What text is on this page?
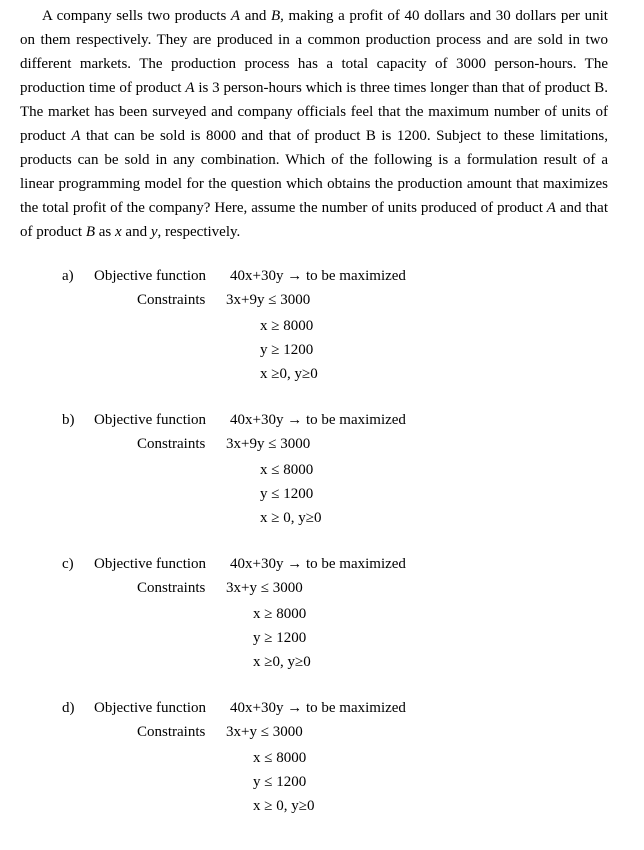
A company sells two products A and B, making a profit of 40 dollars and 30 dollars per unit on them respectively. They are produced in a common production process and are sold in two different markets. The production process has a total capacity of 3000 person-hours. The production time of product A is 3 person-hours which is three times longer than that of product B. The market has been surveyed and company officials feel that the maximum number of units of product A that can be sold is 8000 and that of product B is 1200. Subject to these limitations, products can be sold in any combination. Which of the following is a formulation result of a linear programming model for the question which obtains the production amount that maximizes the total profit of the company? Here, assume the number of units produced of product A and that of product B as x and y, respectively.
a) Objective function 40x+30y → to be maximized
Constraints 3x+9y ≤ 3000
x ≥ 8000
y ≥ 1200
x ≥0, y≥0
b) Objective function 40x+30y → to be maximized
Constraints 3x+9y ≤ 3000
x ≤ 8000
y ≤ 1200
x ≥ 0, y≥0
c) Objective function 40x+30y → to be maximized
Constraints 3x+y ≤ 3000
x ≥ 8000
y ≥ 1200
x ≥0, y≥0
d) Objective function 40x+30y → to be maximized
Constraints 3x+y ≤ 3000
x ≤ 8000
y ≤ 1200
x ≥ 0, y≥0
